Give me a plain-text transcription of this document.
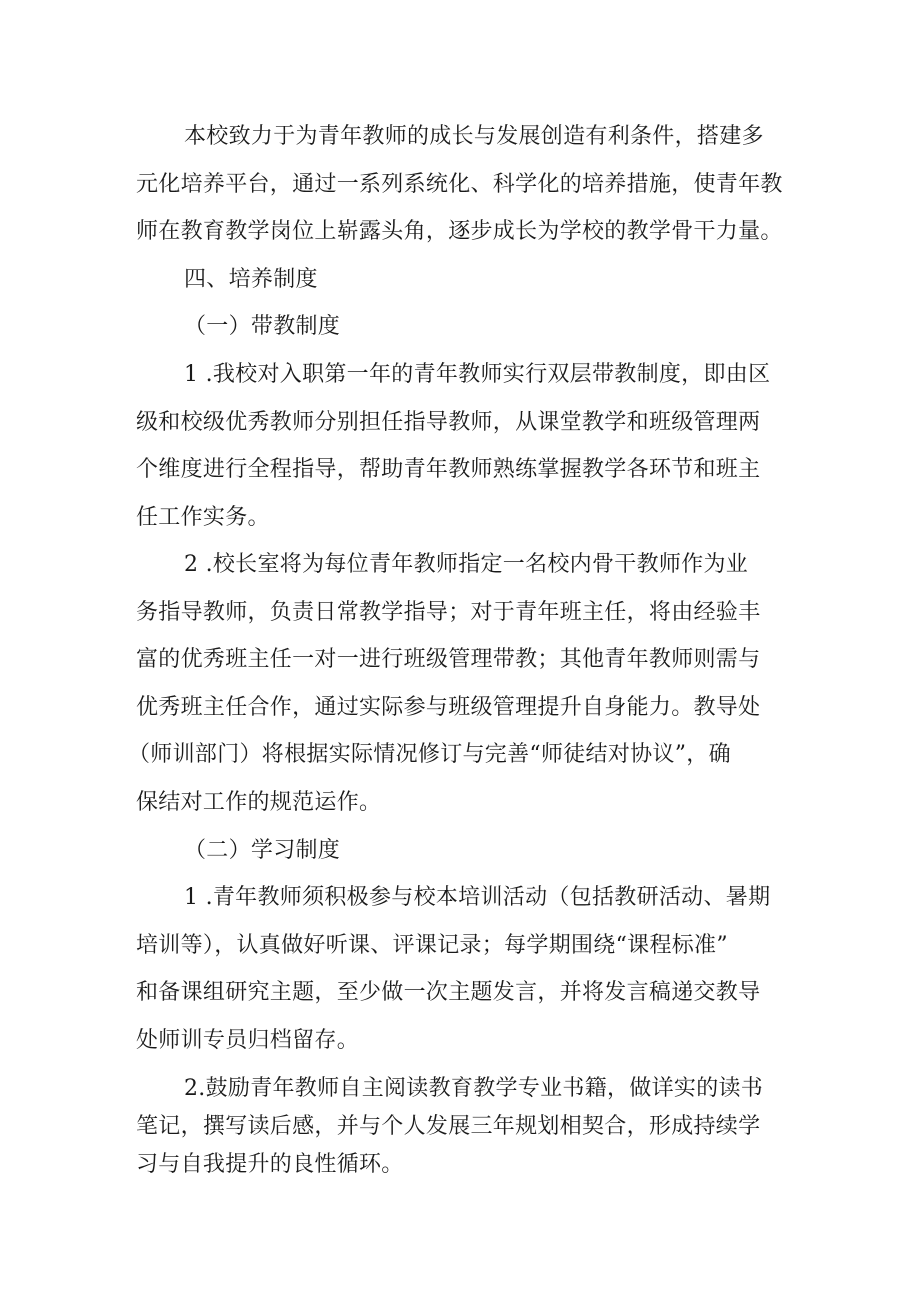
本校致力于为青年教师的成长与发展创造有利条件，搭建多
元化培养平台，通过一系列系统化、科学化的培养措施，使青年教
师在教育教学岗位上崭露头角，逐步成长为学校的教学骨干力量。
四、培养制度
（一）带教制度
1 .我校对入职第一年的青年教师实行双层带教制度，即由区
级和校级优秀教师分别担任指导教师，从课堂教学和班级管理两
个维度进行全程指导，帮助青年教师熟练掌握教学各环节和班主
任工作实务。
2 .校长室将为每位青年教师指定一名校内骨干教师作为业
务指导教师，负责日常教学指导；对于青年班主任，将由经验丰
富的优秀班主任一对一进行班级管理带教；其他青年教师则需与
优秀班主任合作，通过实际参与班级管理提升自身能力。教导处
（师训部门）将根据实际情况修订与完善“师徒结对协议”，确
保结对工作的规范运作。
（二）学习制度
1 .青年教师须积极参与校本培训活动（包括教研活动、暑期
培训等），认真做好听课、评课记录；每学期围绕“课程标准”
和备课组研究主题，至少做一次主题发言，并将发言稿递交教导
处师训专员归档留存。
2.鼓励青年教师自主阅读教育教学专业书籍，做详实的读书
笔记，撰写读后感，并与个人发展三年规划相契合，形成持续学
习与自我提升的良性循环。
